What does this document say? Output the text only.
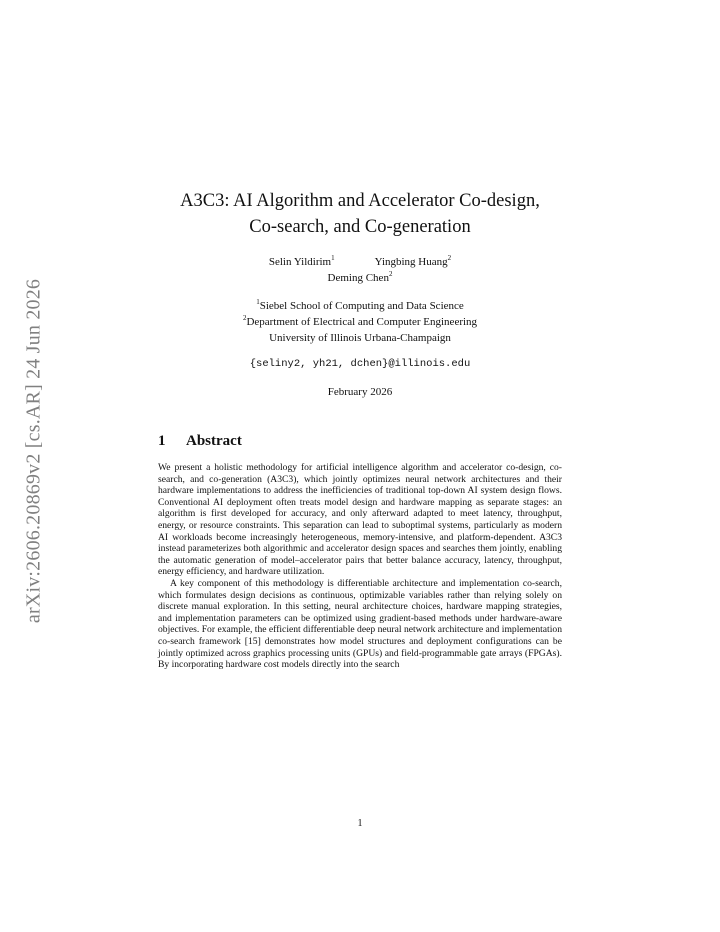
arXiv:2606.20869v2 [cs.AR] 24 Jun 2026
A3C3: AI Algorithm and Accelerator Co-design,
Co-search, and Co-generation
Selin Yildirim$^1$	Yingbing Huang$^2$
Deming Chen$^2$
$^1$Siebel School of Computing and Data Science
$^2$Department of Electrical and Computer Engineering
University of Illinois Urbana-Champaign
{seliny2, yh21, dchen}@illinois.edu
February 2026
1 Abstract

We present a holistic methodology for artificial intelligence algorithm and accelerator co-design, co-search, and co-generation (A3C3), which jointly optimizes neural network architectures and their hardware implementations to address the inefficiencies of traditional top-down AI system design flows. Conventional AI deployment often treats model design and hardware mapping as separate stages: an algorithm is first developed for accuracy, and only afterward adapted to meet latency, throughput, energy, or resource constraints. This separation can lead to suboptimal systems, particularly as modern AI workloads become increasingly heterogeneous, memory-intensive, and platform-dependent. A3C3 instead parameterizes both algorithmic and accelerator design spaces and searches them jointly, enabling the automatic generation of model–accelerator pairs that better balance accuracy, latency, throughput, energy efficiency, and hardware utilization.

A key component of this methodology is differentiable architecture and implementation co-search, which formulates design decisions as continuous, optimizable variables rather than relying solely on discrete manual exploration. In this setting, neural architecture choices, hardware mapping strategies, and implementation parameters can be optimized using gradient-based methods under hardware-aware objectives. For example, the efficient differentiable deep neural network architecture and implementation co-search framework [15] demonstrates how model structures and deployment configurations can be jointly optimized across graphics processing units (GPUs) and field-programmable gate arrays (FPGAs). By incorporating hardware cost models directly into the search

1
